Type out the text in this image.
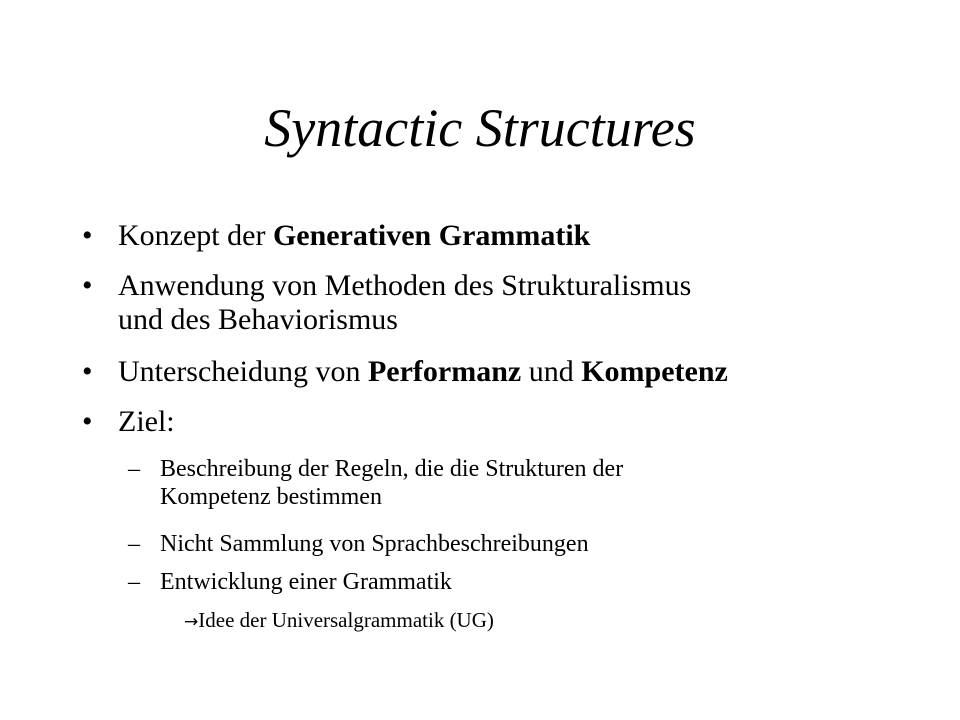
Syntactic Structures
• Konzept der Generativen Grammatik
• Anwendung von Methoden des Strukturalismus
und des Behaviorismus
• Unterscheidung von Performanz und Kompetenz
• Ziel:
– Beschreibung der Regeln, die die Strukturen der
Kompetenz bestimmen
– Nicht Sammlung von Sprachbeschreibungen
– Entwicklung einer Grammatik
→Idee der Universalgrammatik (UG)
